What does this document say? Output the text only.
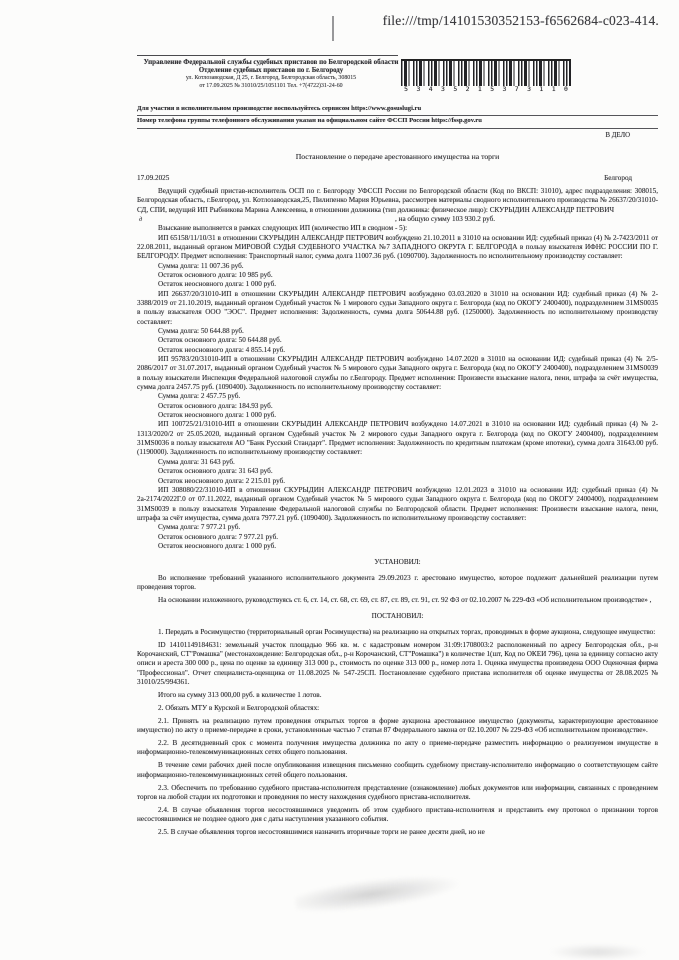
file:///tmp/14101530352153-f6562684-c023-414.
Управление Федеральной службы судебных приставов по Белгородской области
Отделение судебных приставов по г. Белгороду
ул. Котлозаводская, Д 25, г. Белгород, Белгородская область, 308015
от 17.09.2025 № 31010/25/1051101 Тел. +7(4722)31-24-60	5 3 4 3 5 2 1 5 3 7 3 1 1 0
Для участия в исполнительном производстве воспользуйтесь сервисом https://www.gosuslugi.ru
Номер телефона группы телефонного обслуживания указан на официальном сайте ФССП России https://fssp.gov.ru
В ДЕЛО
Постановление о передаче арестованного имущества на торги
17.09.2025	Белгород
Ведущий судебный пристав-исполнитель ОСП по г. Белгороду УФССП России по Белгородской области (Код по ВКСП: 31010), адрес подразделения: 308015, Белгородская область, г.Белгород, ул. Котлозаводская,25, Пилипенко Мария Юрьевна, рассмотрев материалы сводного исполнительного производства № 26637/20/31010-СД, СПИ, ведущий ИП Рыбникова Марина Алексеевна, в отношении должника (тип должника: физическое лицо): СКУРЫДИН АЛЕКСАНДР ПЕТРОВИЧ
д	, на общую сумму 103 930.2 руб.
Взыскание выполняется в рамках следующих ИП (количество ИП в сводном - 5):
ИП 65158/11/10/31 в отношении СКУРЫДИН АЛЕКСАНДР ПЕТРОВИЧ возбуждено 21.10.2011 в 31010 на основании ИД: судебный приказ (4) № 2-7423/2011 от 22.08.2011, выданный органом МИРОВОЙ СУДЬЯ СУДЕБНОГО УЧАСТКА №7 ЗАПАДНОГО ОКРУГА Г. БЕЛГОРОДА в пользу взыскателя ИФНС РОССИИ ПО Г. БЕЛГОРОДУ. Предмет исполнения: Транспортный налог, сумма долга 11007.36 руб. (1090700). Задолженность по исполнительному производству составляет:
Сумма долга: 11 007.36 руб.
Остаток основного долга: 10 985 руб.
Остаток неосновного долга: 1 000 руб.
ИП 26637/20/31010-ИП в отношении СКУРЫДИН АЛЕКСАНДР ПЕТРОВИЧ возбуждено 03.03.2020 в 31010 на основании ИД: судебный приказ (4) № 2-3388/2019 от 21.10.2019, выданный органом Судебный участок № 1 мирового судьи Западного округа г. Белгорода (код по ОКОГУ 2400400), подразделением 31MS0035 в пользу взыскателя ООО "ЭОС". Предмет исполнения: Задолженность, сумма долга 50644.88 руб. (1250000). Задолженность по исполнительному производству составляет:
Сумма долга: 50 644.88 руб.
Остаток основного долга: 50 644.88 руб.
Остаток неосновного долга: 4 855.14 руб.
ИП 95783/20/31010-ИП в отношении СКУРЫДИН АЛЕКСАНДР ПЕТРОВИЧ возбуждено 14.07.2020 в 31010 на основании ИД: судебный приказ (4) № 2/5-2086/2017 от 31.07.2017, выданный органом Судебный участок № 5 мирового судьи Западного округа г. Белгорода (код по ОКОГУ 2400400), подразделением 31MS0039 в пользу взыскатели Инспекция Федеральной налоговой службы по г.Белгороду. Предмет исполнения: Произвести взыскание налога, пени, штрафа за счёт имущества, сумма долга 2457.75 руб. (1090400). Задолженность по исполнительному производству составляет:
Сумма долга: 2 457.75 руб.
Остаток основного долга: 184.93 руб.
Остаток неосновного долга: 1 000 руб.
ИП 100725/21/31010-ИП в отношении СКУРЫДИН АЛЕКСАНДР ПЕТРОВИЧ возбуждено 14.07.2021 в 31010 на основании ИД: судебный приказ (4) № 2-1313/2020/2 от 25.05.2020, выданный органом Судебный участок № 2 мирового судьи Западного округа г. Белгорода (код по ОКОГУ 2400400), подразделением 31MS0036 в пользу взыскателя АО "Банк Русский Стандарт". Предмет исполнения: Задолженность по кредитным платежам (кроме ипотеки), сумма долга 31643.00 руб. (1190000). Задолженность по исполнительному производству составляет:
Сумма долга: 31 643 руб.
Остаток основного долга: 31 643 руб.
Остаток неосновного долга: 2 215.01 руб.
ИП 308080/22/31010-ИП в отношении СКУРЫДИН АЛЕКСАНДР ПЕТРОВИЧ возбуждено 12.01.2023 в 31010 на основании ИД: судебный приказ (4) № 2а-2174/2022Г.0 от 07.11.2022, выданный органом Судебный участок № 5 мирового судьи Западного округа г. Белгорода (код по ОКОГУ 2400400), подразделением 31MS0039 в пользу взыскателя Управление Федеральной налоговой службы по Белгородской области. Предмет исполнения: Произвести взыскание налога, пени, штрафа за счёт имущества, сумма долга 7977.21 руб. (1090400). Задолженность по исполнительному производству составляет:
Сумма долга: 7 977.21 руб.
Остаток основного долга: 7 977.21 руб.
Остаток неосновного долга: 1 000 руб.
УСТАНОВИЛ:
Во исполнение требований указанного исполнительного документа 29.09.2023 г. арестовано имущество, которое подлежит дальнейшей реализации путем проведения торгов.
На основании изложенного, руководствуясь ст. 6, ст. 14, ст. 68, ст. 69, ст. 87, ст. 89, ст. 91, ст. 92 ФЗ от 02.10.2007 № 229-ФЗ «Об исполнительном производстве» ,
ПОСТАНОВИЛ:
1. Передать в Росимущество (территориальный орган Росимущества) на реализацию на открытых торгах, проводимых в форме аукциона, следующее имущество:
ID 14101149184631: земельный участок площадью 966 кв. м. с кадастровым номером 31:09:1708003:2 расположенный по адресу Белгородская обл., р-н Корочанский, СТ"Ромашка" (местонахождение: Белгородская обл., р-н Корочанский, СТ"Ромашка") в количестве 1(шт, Код по ОКЕИ 796), цена за единицу согласно акту описи и ареста 300 000 р., цена по оценке за единицу 313 000 р., стоимость по оценке 313 000 р., номер лота 1. Оценка имущества произведена ООО Оценочная фирма "Профессионал". Отчет специалиста-оценщика от 11.08.2025 № 547-25СП. Постановление судебного пристава исполнителя об оценке имущества от 28.08.2025 № 31010/25/994361.
Итого на сумму 313 000,00 руб. в количестве 1 лотов.
2. Обязать МТУ в Курской и Белгородской областях:
2.1. Принять на реализацию путем проведения открытых торгов в форме аукциона арестованное имущество (документы, характеризующие арестованное имущество) по акту о приеме-передаче в сроки, установленные частью 7 статьи 87 Федерального закона от 02.10.2007 № 229-ФЗ «Об исполнительном производстве».
2.2. В десятидневный срок с момента получения имущества должника по акту о приеме-передаче разместить информацию о реализуемом имуществе в информационно-телекоммуникационных сетях общего пользования.
В течение семи рабочих дней после опубликования извещения письменно сообщить судебному приставу-исполнителю информацию о соответствующем сайте информационно-телекоммуникационных сетей общего пользования.
2.3. Обеспечить по требованию судебного пристава-исполнителя представление (ознакомление) любых документов или информации, связанных с проведением торгов на любой стадии их подготовки и проведения по месту нахождения судебного пристава-исполнителя.
2.4. В случае объявления торгов несостоявшимися уведомить об этом судебного пристава-исполнителя и представить ему протокол о признании торгов несостоявшимися не позднее одного дня с даты наступления указанного события.
2.5. В случае объявления торгов несостоявшимися назначить вторичные торги не ранее десяти дней, но не
